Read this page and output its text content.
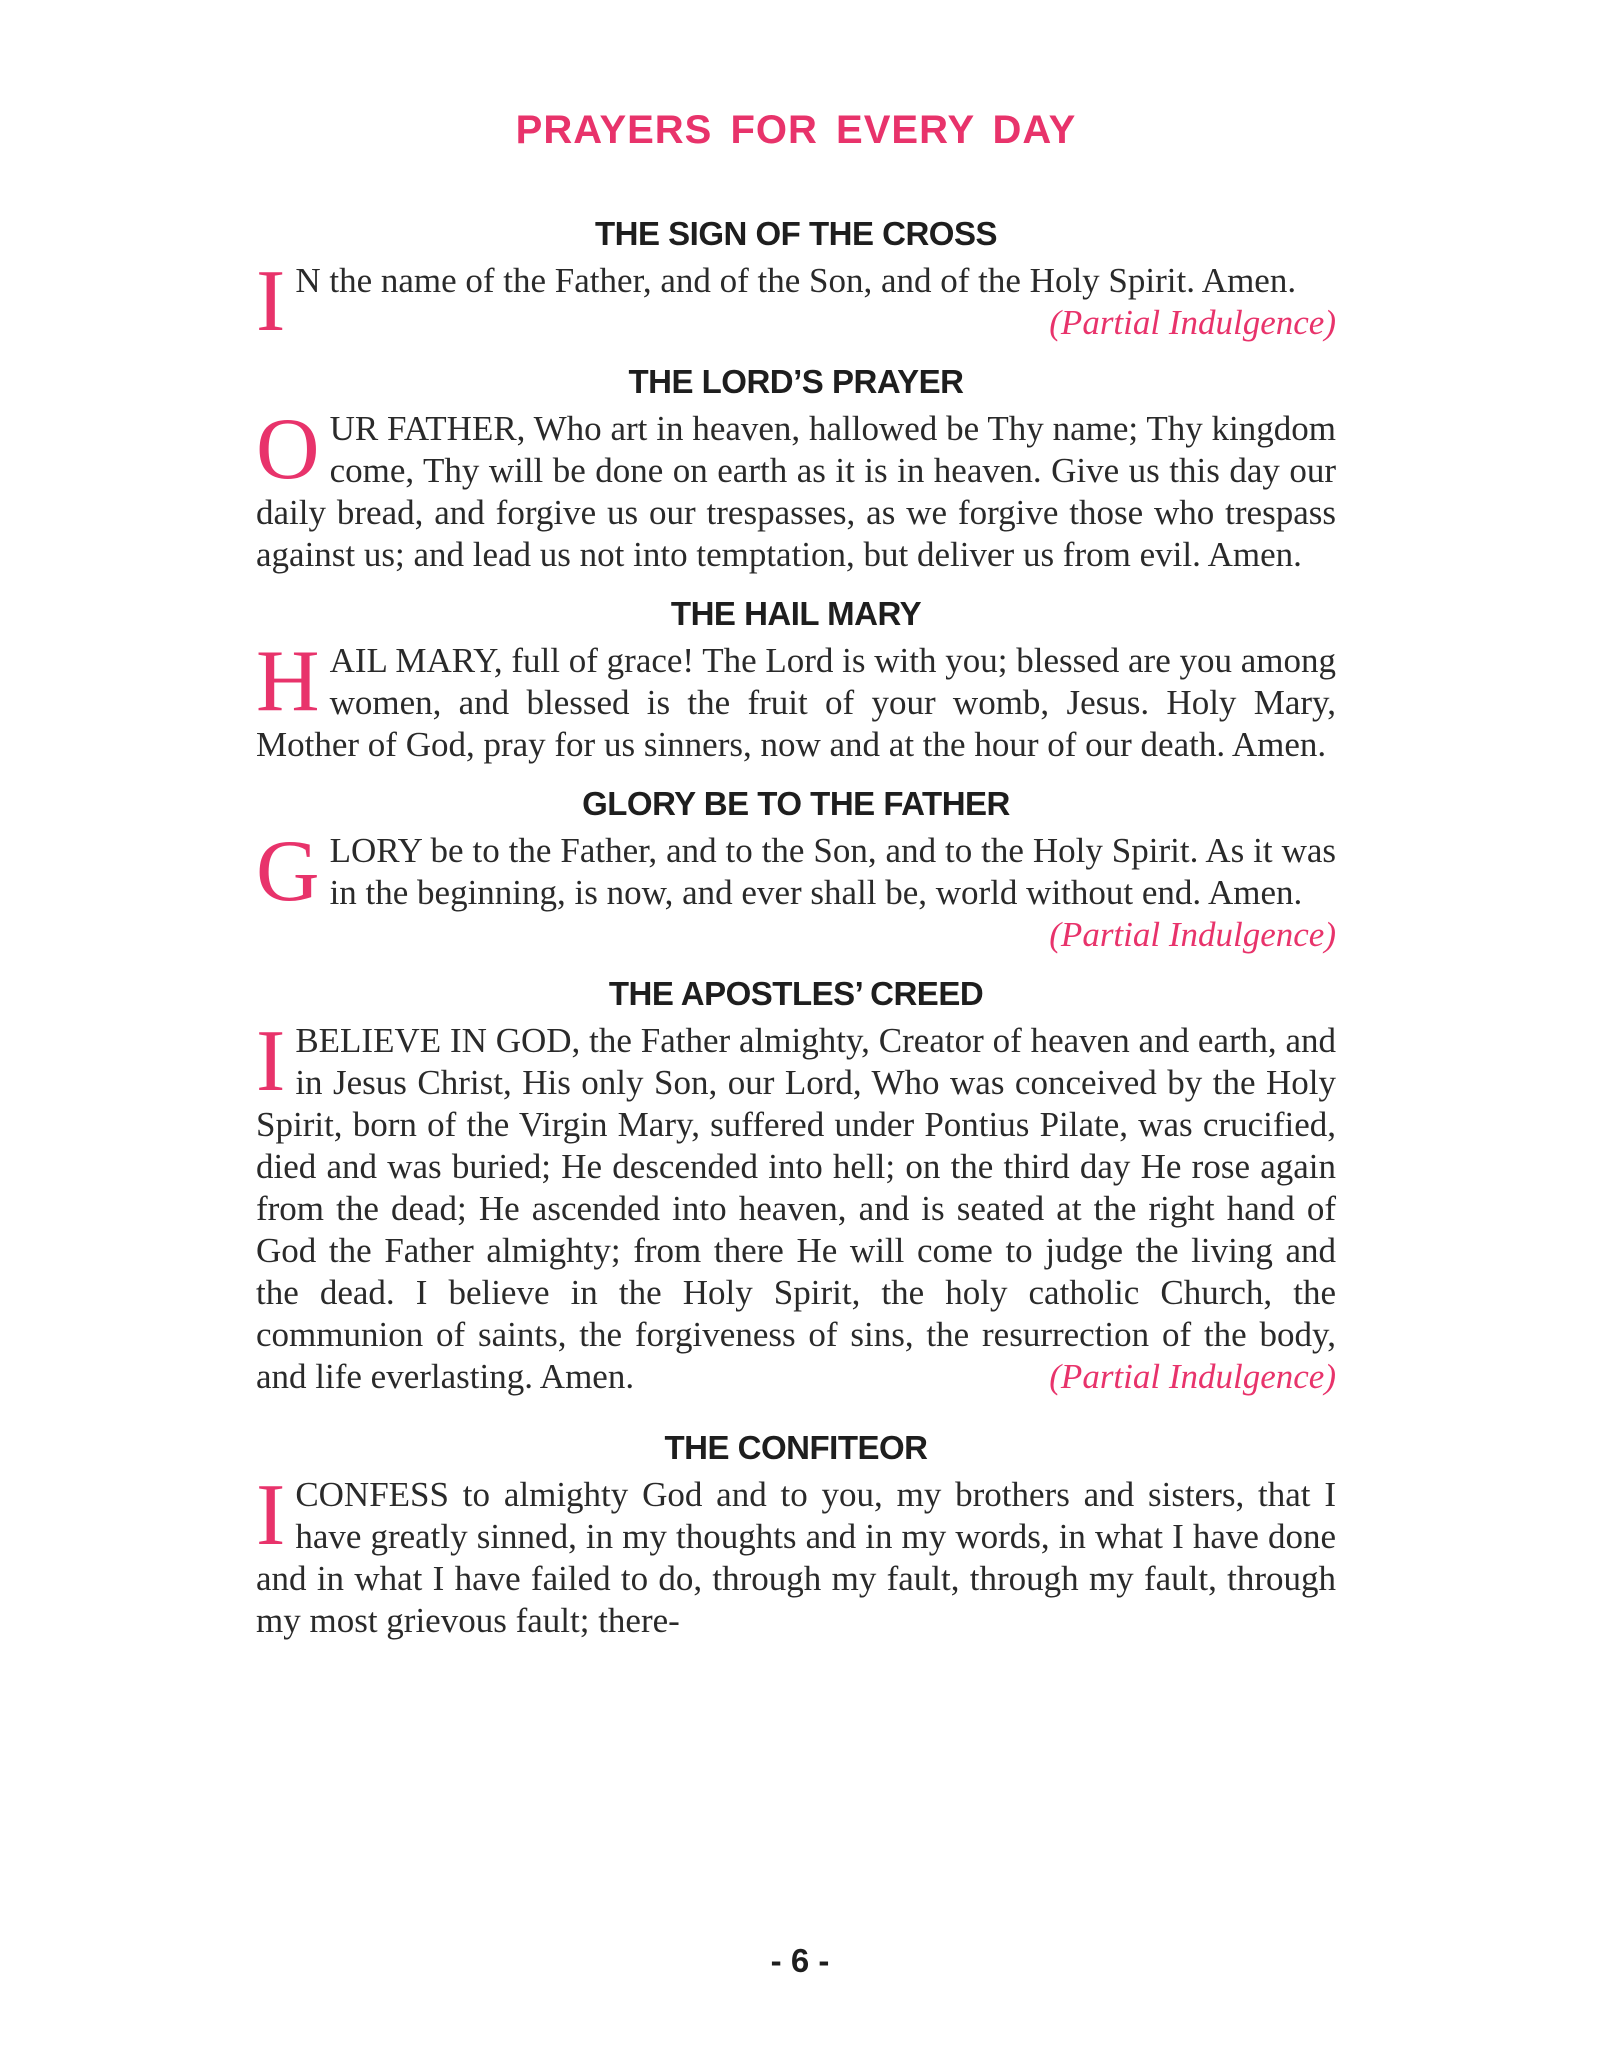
PRAYERS FOR EVERY DAY
THE SIGN OF THE CROSS

I N the name of the Father, and of the Son, and of the Holy Spirit. Amen.
(Partial Indulgence)

THE LORD’S PRAYER

O UR FATHER, Who art in heaven, hallowed be Thy name; Thy kingdom come, Thy will be done on earth as it is in heaven. Give us this day our daily bread, and forgive us our trespasses, as we forgive those who trespass against us; and lead us not into temptation, but deliver us from evil. Amen.

THE HAIL MARY

H AIL MARY, full of grace! The Lord is with you; blessed are you among women, and blessed is the fruit of your womb, Jesus. Holy Mary, Mother of God, pray for us sinners, now and at the hour of our death. Amen.

GLORY BE TO THE FATHER

G LORY be to the Father, and to the Son, and to the Holy Spirit. As it was in the beginning, is now, and ever shall be, world without end. Amen.
(Partial Indulgence)

THE APOSTLES’ CREED

I BELIEVE IN GOD, the Father almighty, Creator of heaven and earth, and in Jesus Christ, His only Son, our Lord, Who was conceived by the Holy Spirit, born of the Virgin Mary, suffered under Pontius Pilate, was crucified, died and was buried; He descended into hell; on the third day He rose again from the dead; He ascended into heaven, and is seated at the right hand of God the Father almighty; from there He will come to judge the living and the dead. I believe in the Holy Spirit, the holy catholic Church, the communion of saints, the forgiveness of sins, the resurrection of the body, and life everlasting. Amen.	(Partial Indulgence)

THE CONFITEOR

I CONFESS to almighty God and to you, my brothers and sisters, that I have greatly sinned, in my thoughts and in my words, in what I have done and in what I have failed to do, through my fault, through my fault, through my most grievous fault; there-

- 6 -
